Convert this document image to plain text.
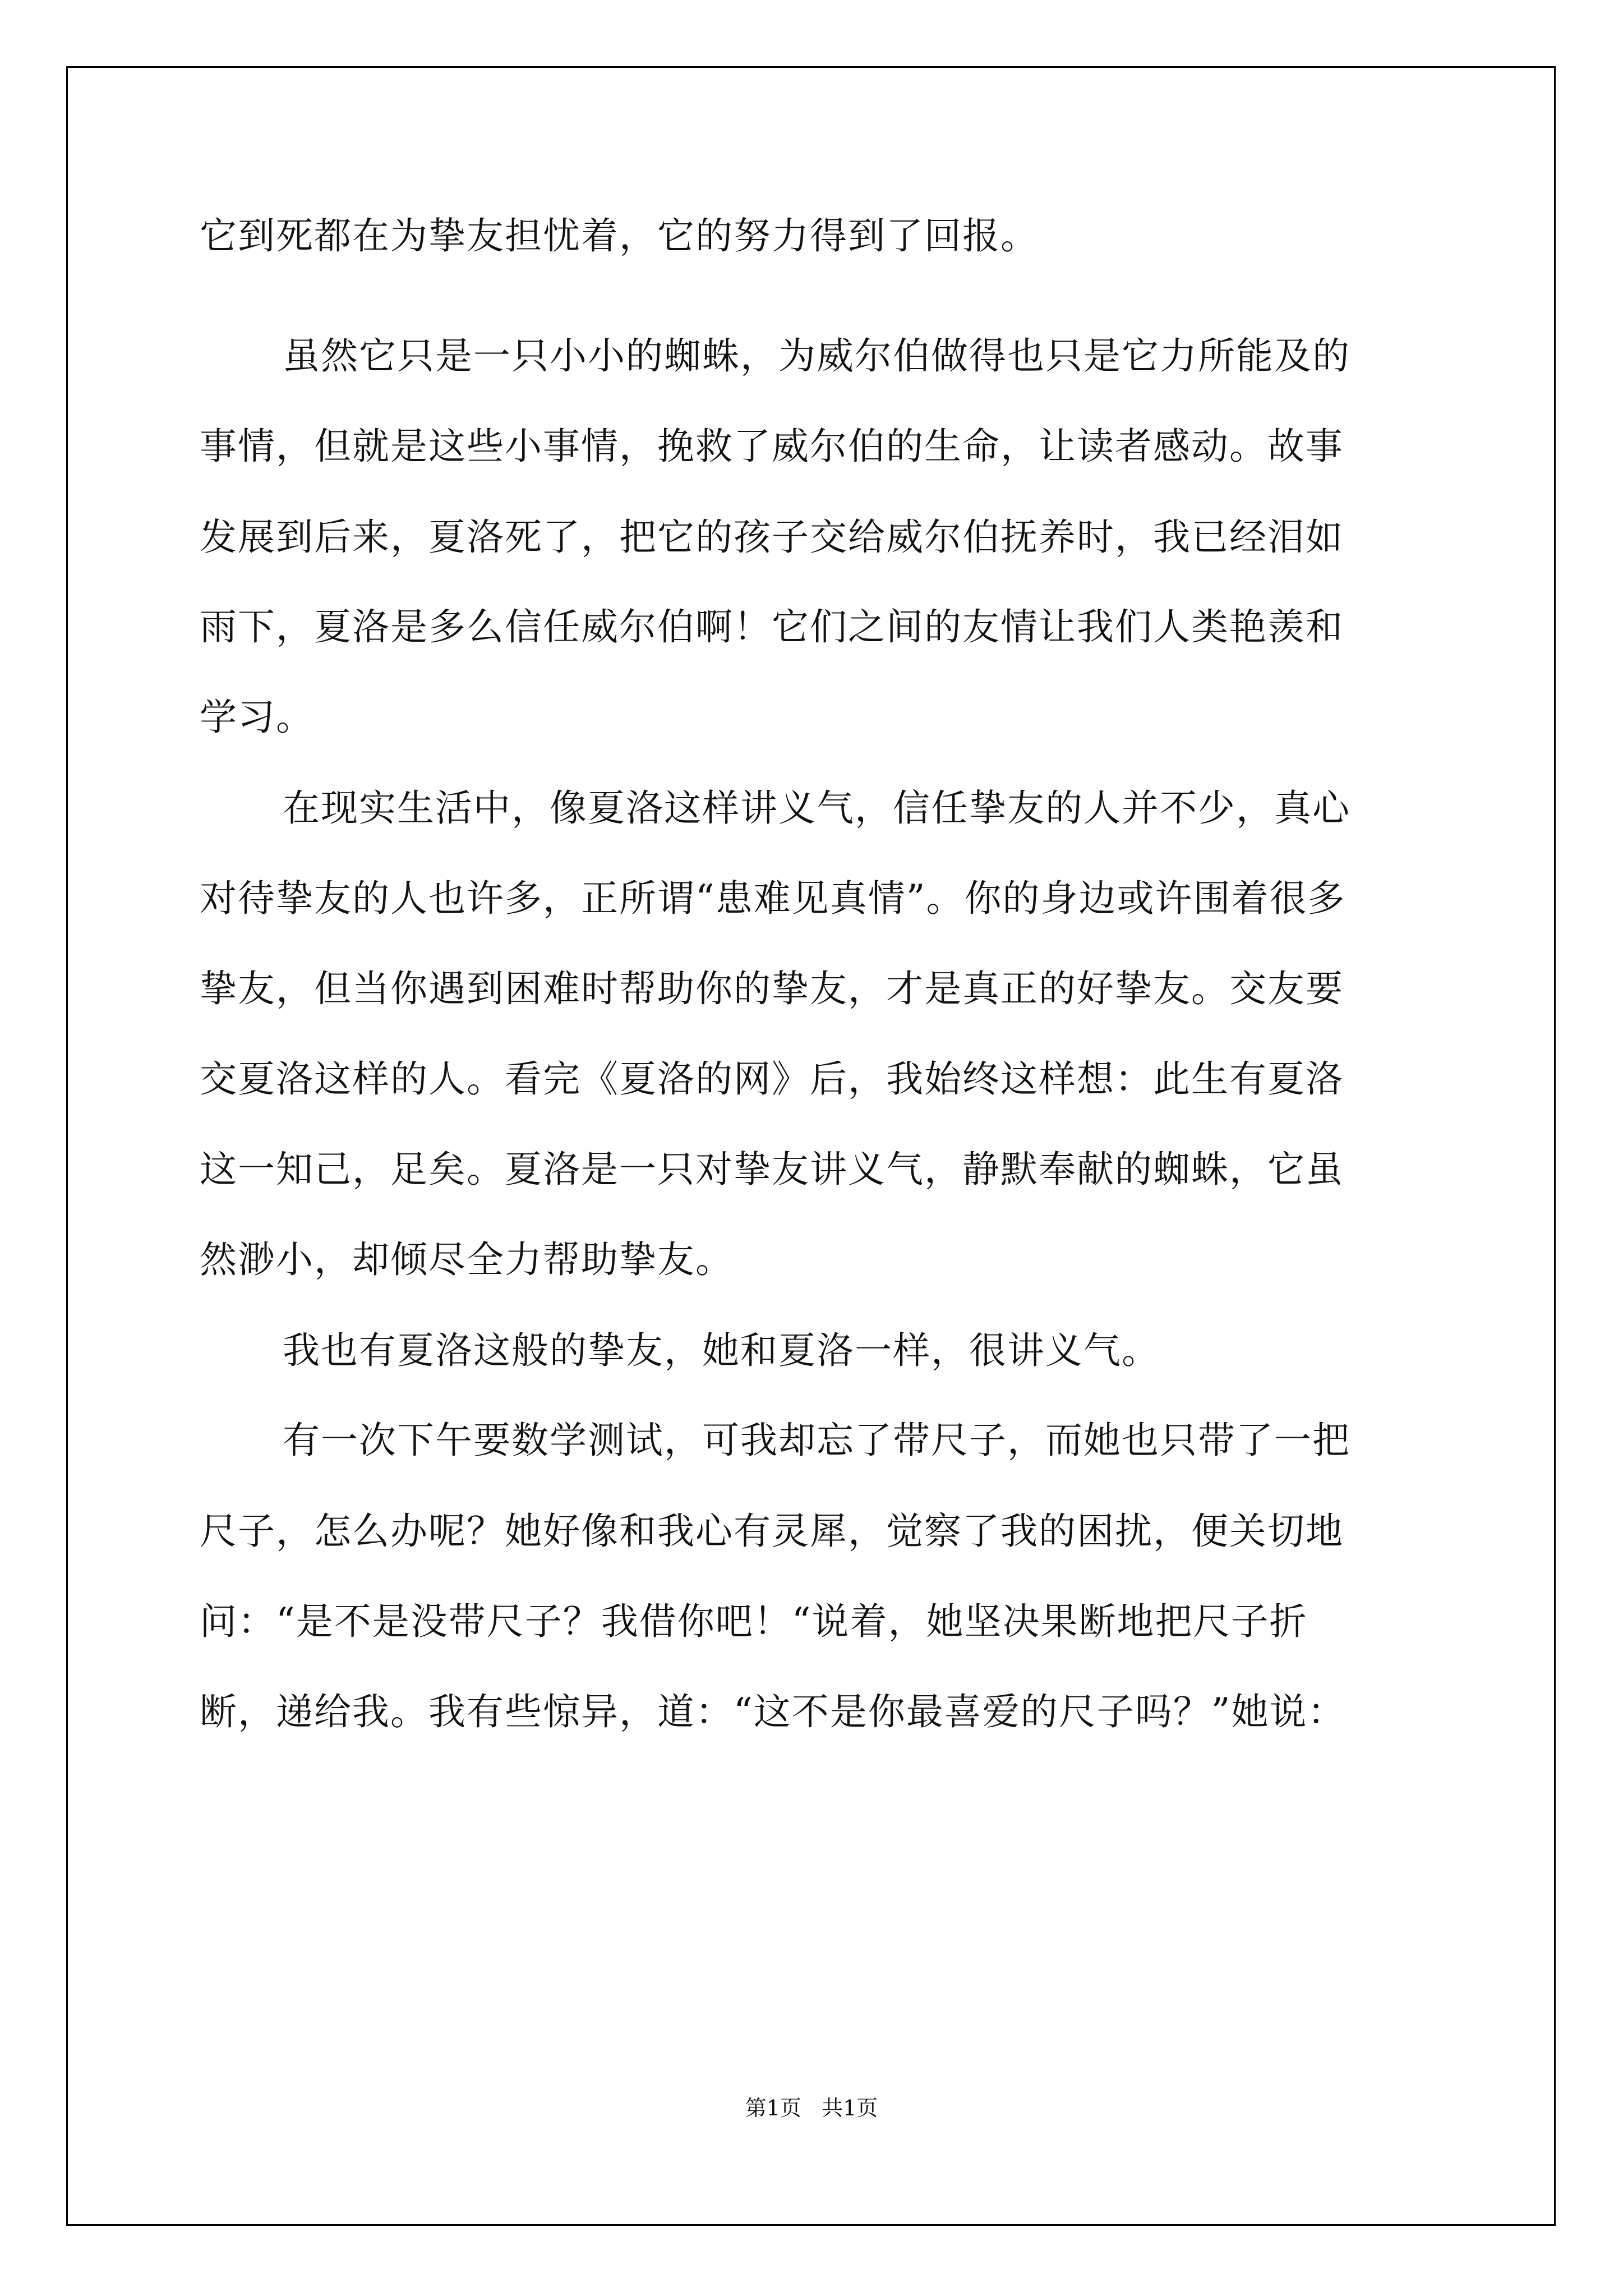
它到死都在为挚友担忧着，它的努力得到了回报。

虽然它只是一只小小的蜘蛛，为威尔伯做得也只是它力所能及的

事情，但就是这些小事情，挽救了威尔伯的生命，让读者感动。故事

发展到后来，夏洛死了，把它的孩子交给威尔伯抚养时，我已经泪如

雨下，夏洛是多么信任威尔伯啊！它们之间的友情让我们人类艳羡和

学习。

在现实生活中，像夏洛这样讲义气，信任挚友的人并不少，真心

对待挚友的人也许多，正所谓“患难见真情”。你的身边或许围着很多

挚友，但当你遇到困难时帮助你的挚友，才是真正的好挚友。交友要

交夏洛这样的人。看完《夏洛的网》后，我始终这样想：此生有夏洛

这一知己，足矣。夏洛是一只对挚友讲义气，静默奉献的蜘蛛，它虽

然渺小，却倾尽全力帮助挚友。

我也有夏洛这般的挚友，她和夏洛一样，很讲义气。

有一次下午要数学测试，可我却忘了带尺子，而她也只带了一把

尺子，怎么办呢？她好像和我心有灵犀，觉察了我的困扰，便关切地

问：“是不是没带尺子？我借你吧！“说着，她坚决果断地把尺子折

断，递给我。我有些惊异，道：“这不是你最喜爱的尺子吗？”她说：

第1页   共1页
